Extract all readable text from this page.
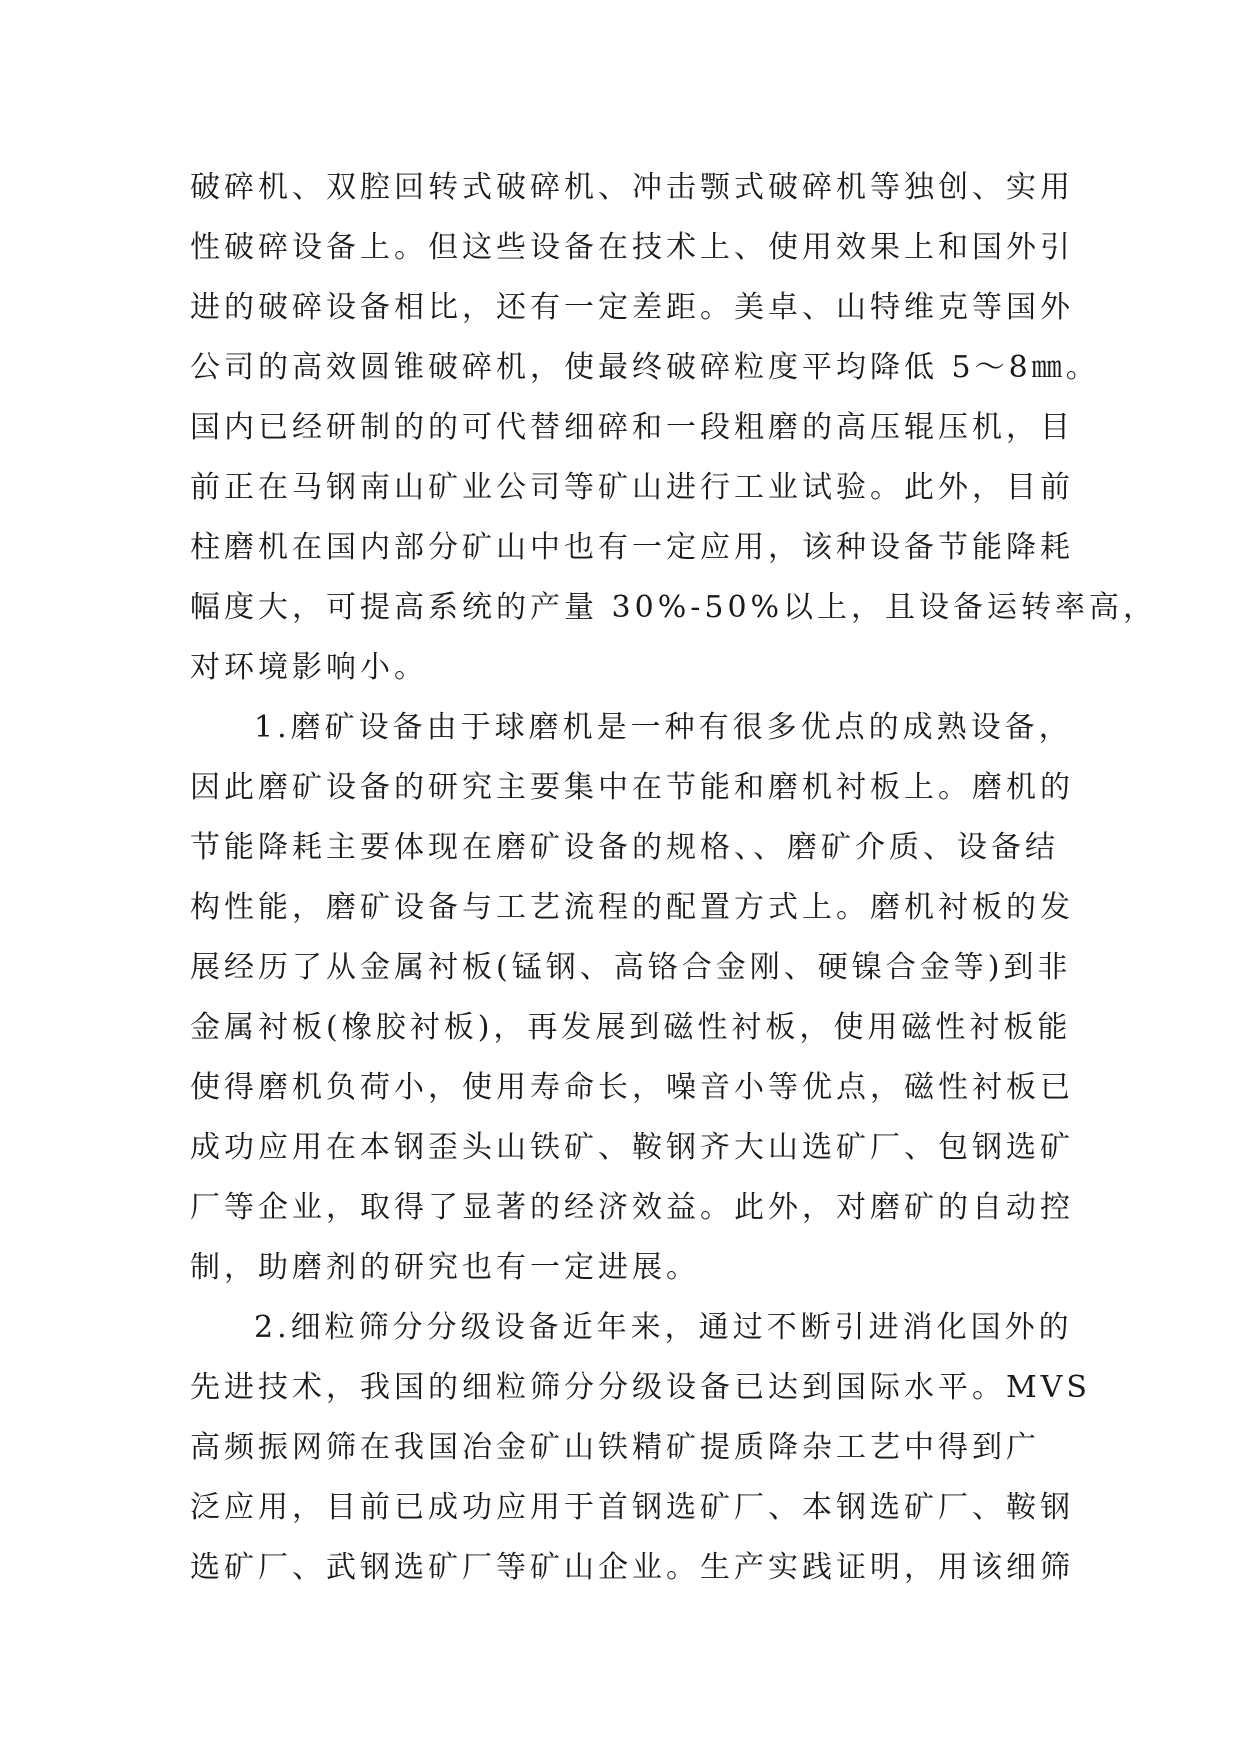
破碎机、双腔回转式破碎机、冲击颚式破碎机等独创、实用
性破碎设备上。但这些设备在技术上、使用效果上和国外引
进的破碎设备相比，还有一定差距。美卓、山特维克等国外
公司的高效圆锥破碎机，使最终破碎粒度平均降低 5～8㎜。
国内已经研制的的可代替细碎和一段粗磨的高压辊压机，目
前正在马钢南山矿业公司等矿山进行工业试验。此外，目前
柱磨机在国内部分矿山中也有一定应用，该种设备节能降耗
幅度大，可提高系统的产量 30%-50%以上，且设备运转率高，
对环境影响小。
1.磨矿设备由于球磨机是一种有很多优点的成熟设备，
因此磨矿设备的研究主要集中在节能和磨机衬板上。磨机的
节能降耗主要体现在磨矿设备的规格、、磨矿介质、设备结
构性能，磨矿设备与工艺流程的配置方式上。磨机衬板的发
展经历了从金属衬板(锰钢、高铬合金刚、硬镍合金等)到非
金属衬板(橡胶衬板)，再发展到磁性衬板，使用磁性衬板能
使得磨机负荷小，使用寿命长，噪音小等优点，磁性衬板已
成功应用在本钢歪头山铁矿、鞍钢齐大山选矿厂、包钢选矿
厂等企业，取得了显著的经济效益。此外，对磨矿的自动控
制，助磨剂的研究也有一定进展。
2.细粒筛分分级设备近年来，通过不断引进消化国外的
先进技术，我国的细粒筛分分级设备已达到国际水平。MVS
高频振网筛在我国冶金矿山铁精矿提质降杂工艺中得到广
泛应用，目前已成功应用于首钢选矿厂、本钢选矿厂、鞍钢
选矿厂、武钢选矿厂等矿山企业。生产实践证明，用该细筛
